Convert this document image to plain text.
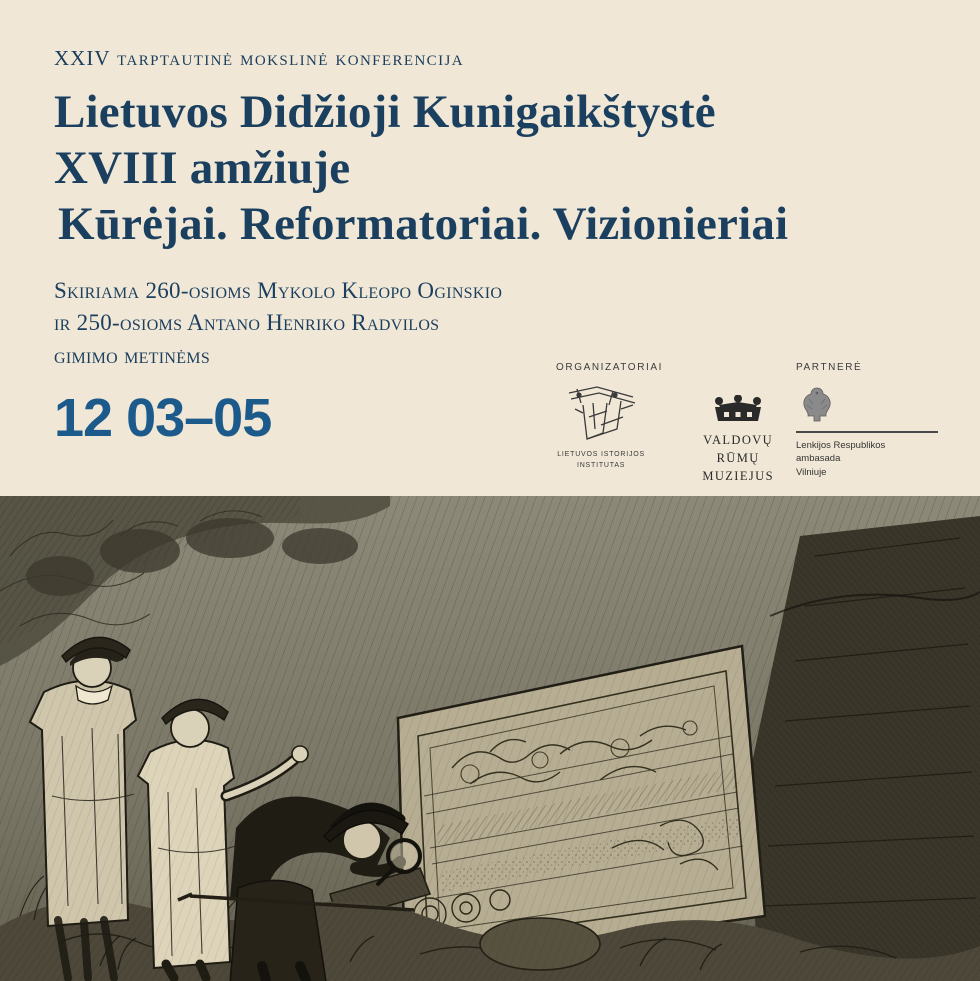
XXIV tarptautinė mokslinė konferencija
Lietuvos Didžioji Kunigaikštystė
XVIII amžiuje
Kūrėjai. Reformatoriai. Vizionieriai
Skiriama 260-osioms Mykolo Kleopo Oginskio
ir 250-osioms Antano Henriko Radvilos
gimimo metinėms
12 03–05
ORGANIZATORIAI
LIETUVOS ISTORIJOS
INSTITUTAS
VALDOVŲ RŪMŲ
MUZIEJUS
PARTNERĖ
Lenkijos Respublikos
ambasada
Vilniuje
